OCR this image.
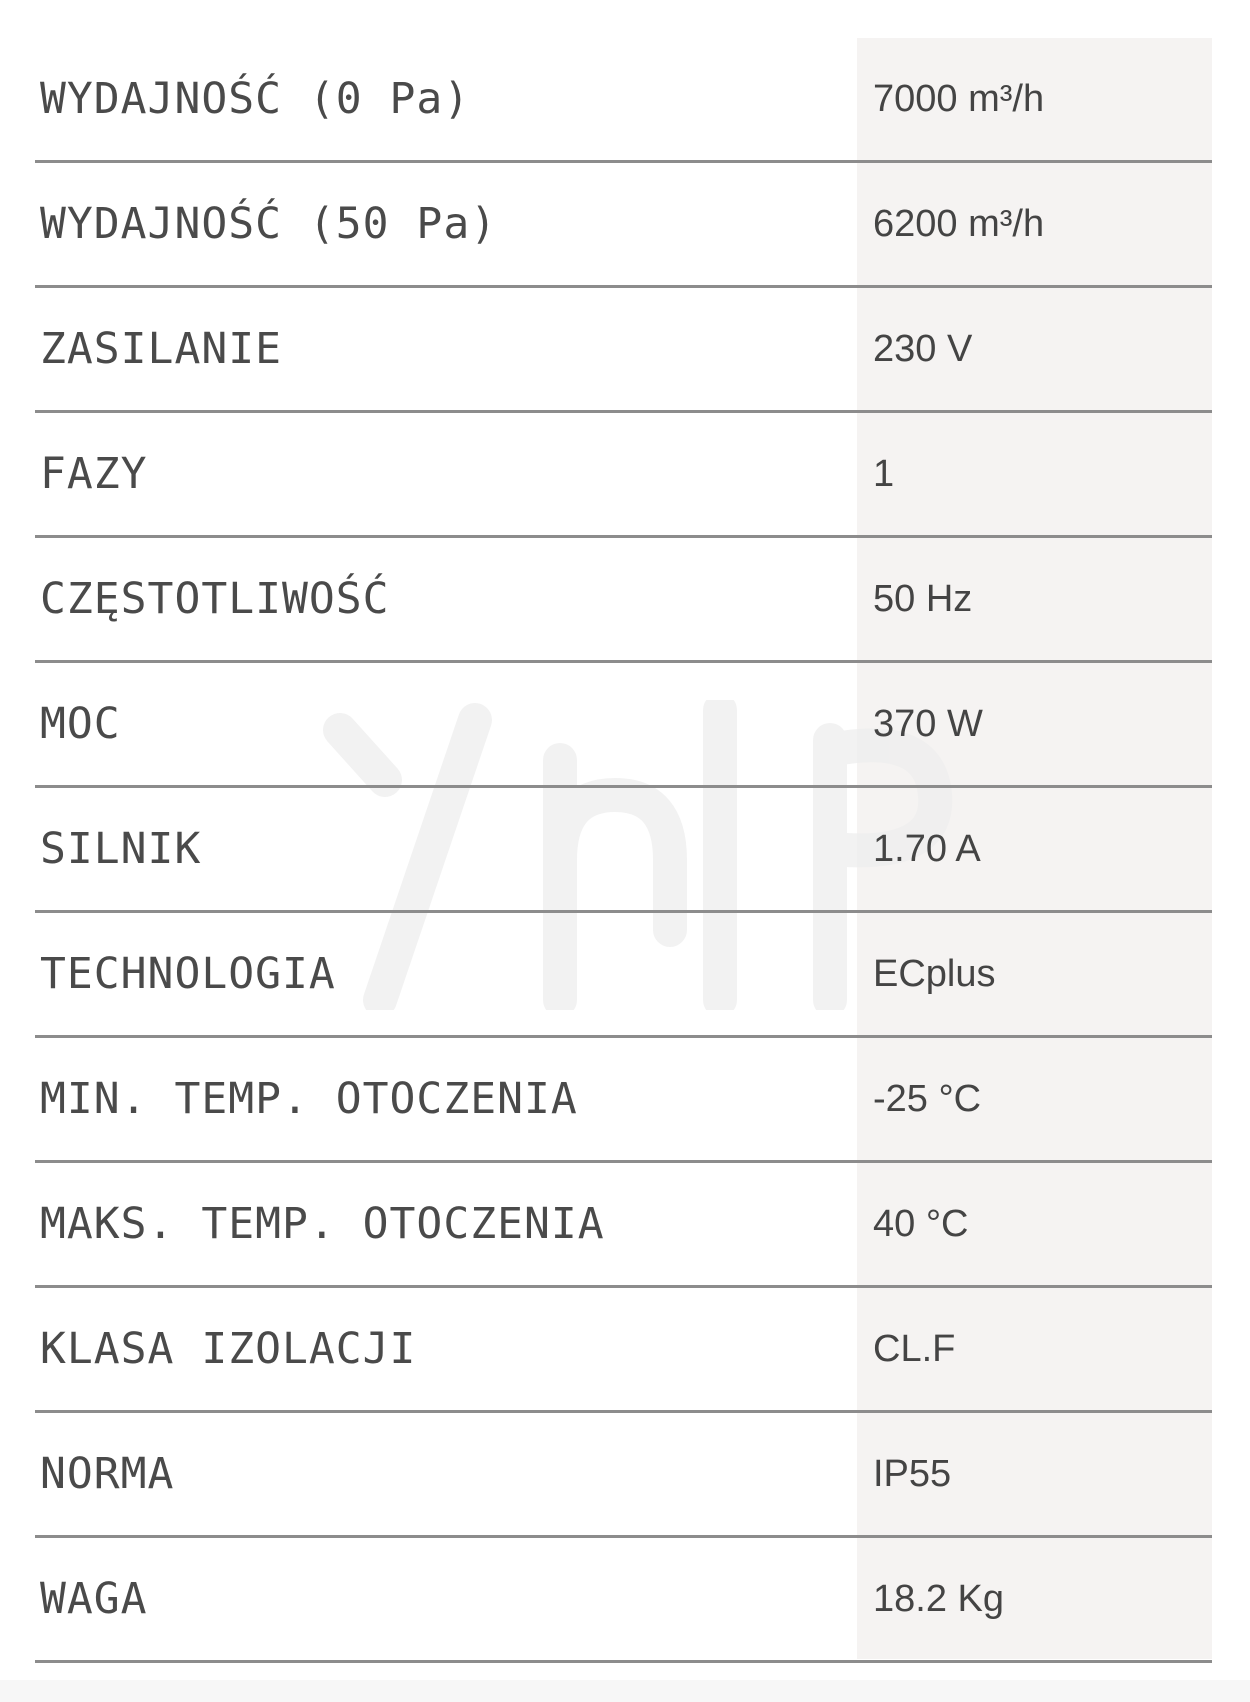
WYDAJNOŚĆ (0 Pa)	7000 m³/h
WYDAJNOŚĆ (50 Pa)	6200 m³/h
ZASILANIE	230 V
FAZY	1
CZĘSTOTLIWOŚĆ	50 Hz
MOC	370 W
SILNIK	1.70 A
TECHNOLOGIA	ECplus
MIN. TEMP. OTOCZENIA	-25 °C
MAKS. TEMP. OTOCZENIA	40 °C
KLASA IZOLACJI	CL.F
NORMA	IP55
WAGA	18.2 Kg
